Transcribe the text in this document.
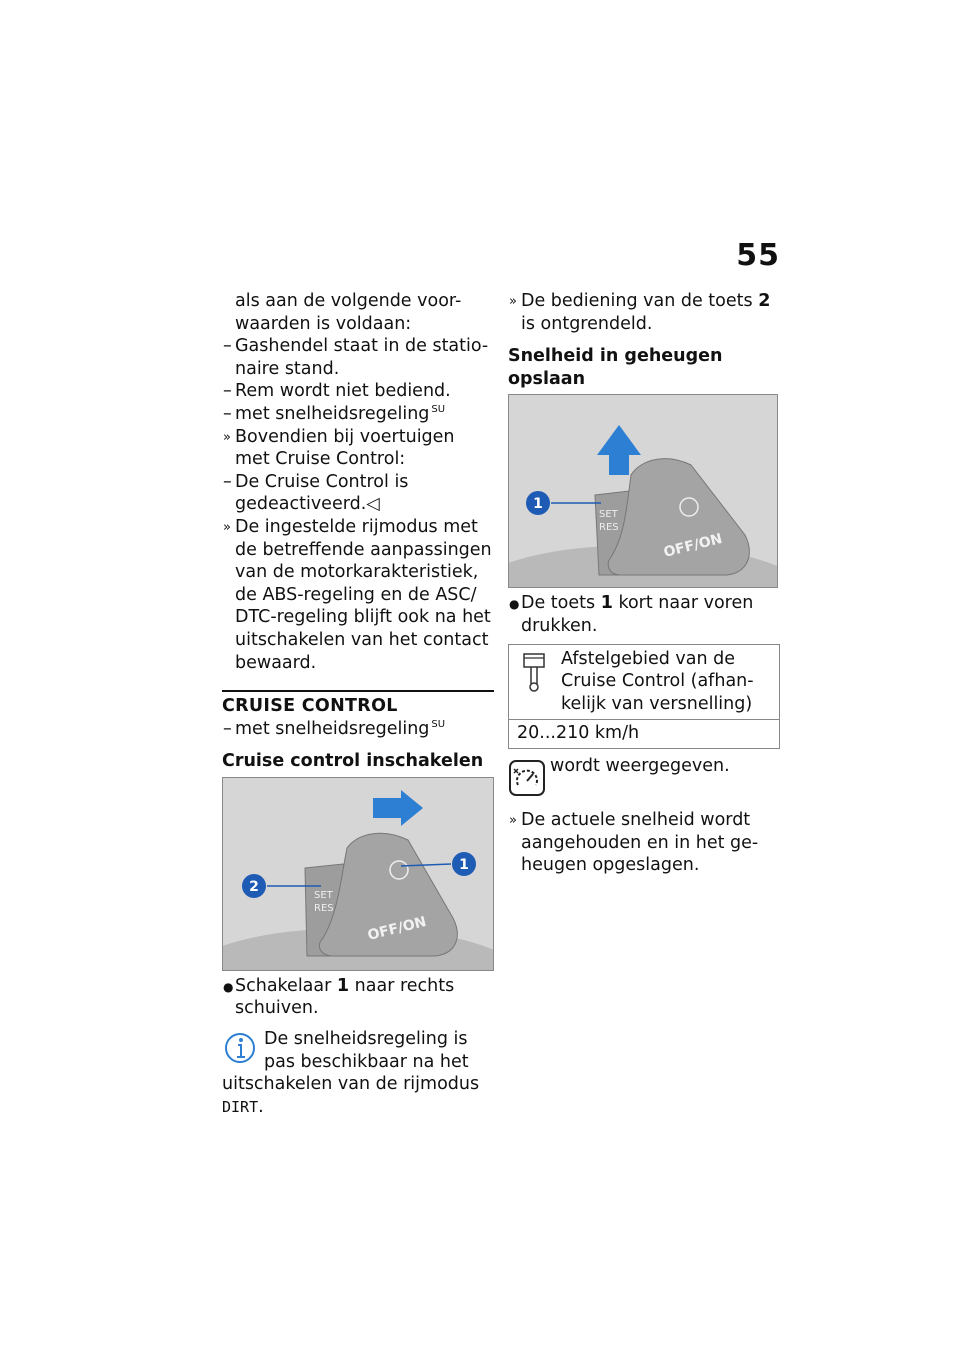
55
als aan de volgende voor-waarden is voldaan:
– Gashendel staat in de statio-naire stand.
– Rem wordt niet bediend.
– met snelheidsregeling $^{SU}$
» Bovendien bij voertuigen met Cruise Control:
– De Cruise Control is gedeactiveerd.◁
» De ingestelde rijmodus met de betreffende aanpassingen van de motorkarakteristiek, de ABS-regeling en de ASC/ DTC-regeling blijft ook na het uitschakelen van het contact bewaard.
CRUISE CONTROL
– met snelheidsregeling $^{SU}$
Cruise control inschakelen
SET
RES
OFF/ON
1
2
● Schakelaar 1 naar rechts schuiven.
De snelheidsregeling is pas beschikbaar na het uitschakelen van de rijmodus DIRT.
» De bediening van de toets 2 is ontgrendeld.
Snelheid in geheugen opslaan
SET
RES
OFF/ON
1
● De toets 1 kort naar voren drukken.
Afstelgebied van de Cruise Control (afhan-kelijk van versnelling)
20...210 km/h
wordt weergegeven.
» De actuele snelheid wordt aangehouden en in het ge-heugen opgeslagen.
